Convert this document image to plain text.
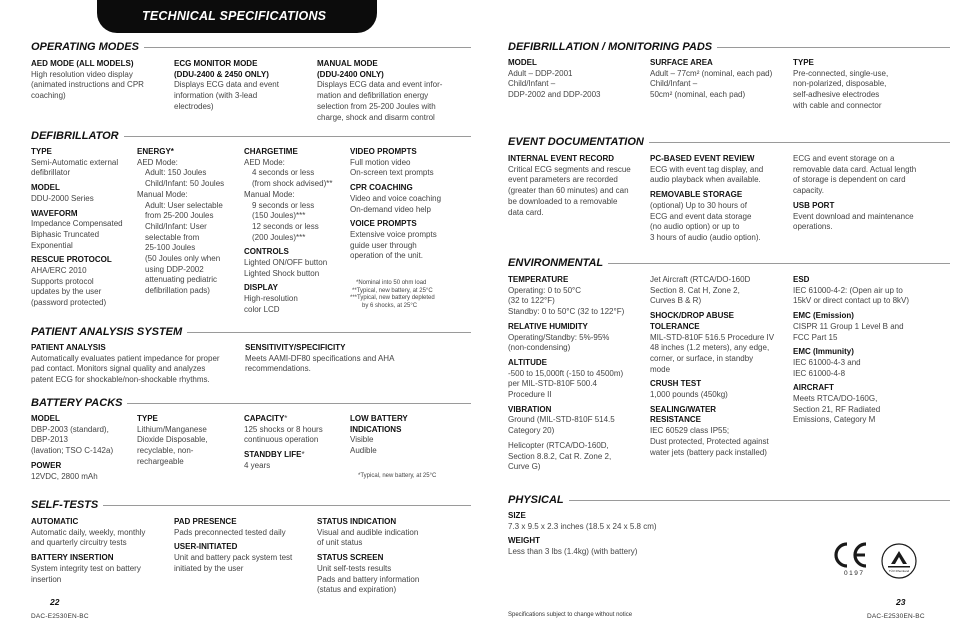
TECHNICAL SPECIFICATIONS
OPERATING MODES
AED MODE (ALL MODELS)
High resolution video display
(animated instructions and CPR
coaching)
ECG MONITOR MODE
(DDU-2400 & 2450 ONLY)
Displays ECG data and event
information (with 3-lead
electrodes)
MANUAL MODE
(DDU-2400 ONLY)
Displays ECG data and event infor-
mation and defibrillation energy
selection from 25-200 Joules with
charge, shock and disarm control
DEFIBRILLATOR
TYPE
Semi-Automatic external
defibrillator
MODEL
DDU-2000 Series
WAVEFORM
Impedance Compensated
Biphasic Truncated
Exponential
RESCUE PROTOCOL
AHA/ERC 2010
Supports protocol
updates by the user
(password protected)
ENERGY*
AED Mode:
Adult: 150 Joules
Child/Infant: 50 Joules
Manual Mode:
Adult: User selectable
from 25-200 Joules
Child/Infant: User
selectable from
25-100 Joules
(50 Joules only when
using DDP-2002
attenuating pediatric
defibrillation pads)
CHARGETIME
AED Mode:
4 seconds or less
(from shock advised)**
Manual Mode:
9 seconds or less
(150 Joules)***
12 seconds or less
(200 Joules)***
CONTROLS
Lighted ON/OFF button
Lighted Shock button
DISPLAY
High-resolution
color LCD
VIDEO PROMPTS
Full motion video
On-screen text prompts
CPR COACHING
Video and voice coaching
On-demand video help
VOICE PROMPTS
Extensive voice prompts
guide user through
operation of the unit.
*Nominal into 50 ohm load
**Typical, new battery, at 25°C
***Typical, new battery depleted
by 6 shocks, at 25°C
PATIENT ANALYSIS SYSTEM
PATIENT ANALYSIS
Automatically evaluates patient impedance for proper
pad contact. Monitors signal quality and analyzes
patent ECG for shockable/non-shockable rhythms.
SENSITIVITY/SPECIFICITY
Meets AAMI-DF80 specifications and AHA
recommendations.
BATTERY PACKS
MODEL
DBP-2003 (standard),
DBP-2013
(lavation; TSO C-142a)
POWER
12VDC, 2800 mAh
TYPE
Lithium/Manganese
Dioxide Disposable,
recyclable, non-
rechargeable
CAPACITY*
125 shocks or 8 hours
continuous operation
STANDBY LIFE*
4 years
LOW BATTERY
INDICATIONS
Visible
Audible
*Typical, new battery, at 25°C
SELF-TESTS
AUTOMATIC
Automatic daily, weekly, monthly
and quarterly circuitry tests
BATTERY INSERTION
System integrity test on battery
insertion
PAD PRESENCE
Pads preconnected tested daily
USER-INITIATED
Unit and battery pack system test
initiated by the user
STATUS INDICATION
Visual and audible indication
of unit status
STATUS SCREEN
Unit self-tests results
Pads and battery information
(status and expiration)
22
DAC-E2530EN-BC
DEFIBRILLATION / MONITORING PADS
MODEL
Adult – DDP-2001
Child/Infant –
DDP-2002 and DDP-2003
SURFACE AREA
Adult – 77cm² (nominal, each pad)
Child/Infant –
50cm² (nominal, each pad)
TYPE
Pre-connected, single-use,
non-polarized, disposable,
self-adhesive electrodes
with cable and connector
EVENT DOCUMENTATION
INTERNAL EVENT RECORD
Critical ECG segments and rescue
event parameters are recorded
(greater than 60 minutes) and can
be downloaded to a removable
data card.
PC-BASED EVENT REVIEW
ECG with event tag display, and
audio playback when available.
REMOVABLE STORAGE
(optional) Up to 30 hours of
ECG and event data storage
(no audio option) or up to
3 hours of audio (audio option).
ECG and event storage on a
removable data card. Actual length
of storage is dependent on card
capacity.
USB PORT
Event download and maintenance
operations.
ENVIRONMENTAL
TEMPERATURE
Operating: 0 to 50°C
(32 to 122°F)
Standby: 0 to 50°C (32 to 122°F)
RELATIVE HUMIDITY
Operating/Standby: 5%-95%
(non-condensing)
ALTITUDE
-500 to 15,000ft (-150 to 4500m)
per MIL-STD-810F 500.4
Procedure II
VIBRATION
Ground (MIL-STD-810F 514.5
Category 20)
Helicopter (RTCA/DO-160D,
Section 8.8.2, Cat R. Zone 2,
Curve G)
Jet Aircraft (RTCA/DO-160D
Section 8. Cat H, Zone 2,
Curves B & R)
SHOCK/DROP ABUSE
TOLERANCE
MIL-STD-810F 516.5 Procedure IV
48 inches (1.2 meters), any edge,
corner, or surface, in standby
mode
CRUSH TEST
1,000 pounds (450kg)
SEALING/WATER
RESISTANCE
IEC 60529 class IP55;
Dust protected, Protected against
water jets (battery pack installed)
ESD
IEC 61000-4-2: (Open air up to
15kV or direct contact up to 8kV)
EMC (Emission)
CISPR 11 Group 1 Level B and
FCC Part 15
EMC (Immunity)
IEC 61000-4-3 and
IEC 61000-4-8
AIRCRAFT
Meets RTCA/DO-160G,
Section 21, RF Radiated
Emissions, Category M
PHYSICAL
SIZE
7.3 x 9.5 x 2.3 inches (18.5 x 24 x 5.8 cm)
WEIGHT
Less than 3 lbs (1.4kg) (with battery)
0197	TÜV Rheinland
Specifications subject to change without notice
23
DAC-E2530EN-BC
